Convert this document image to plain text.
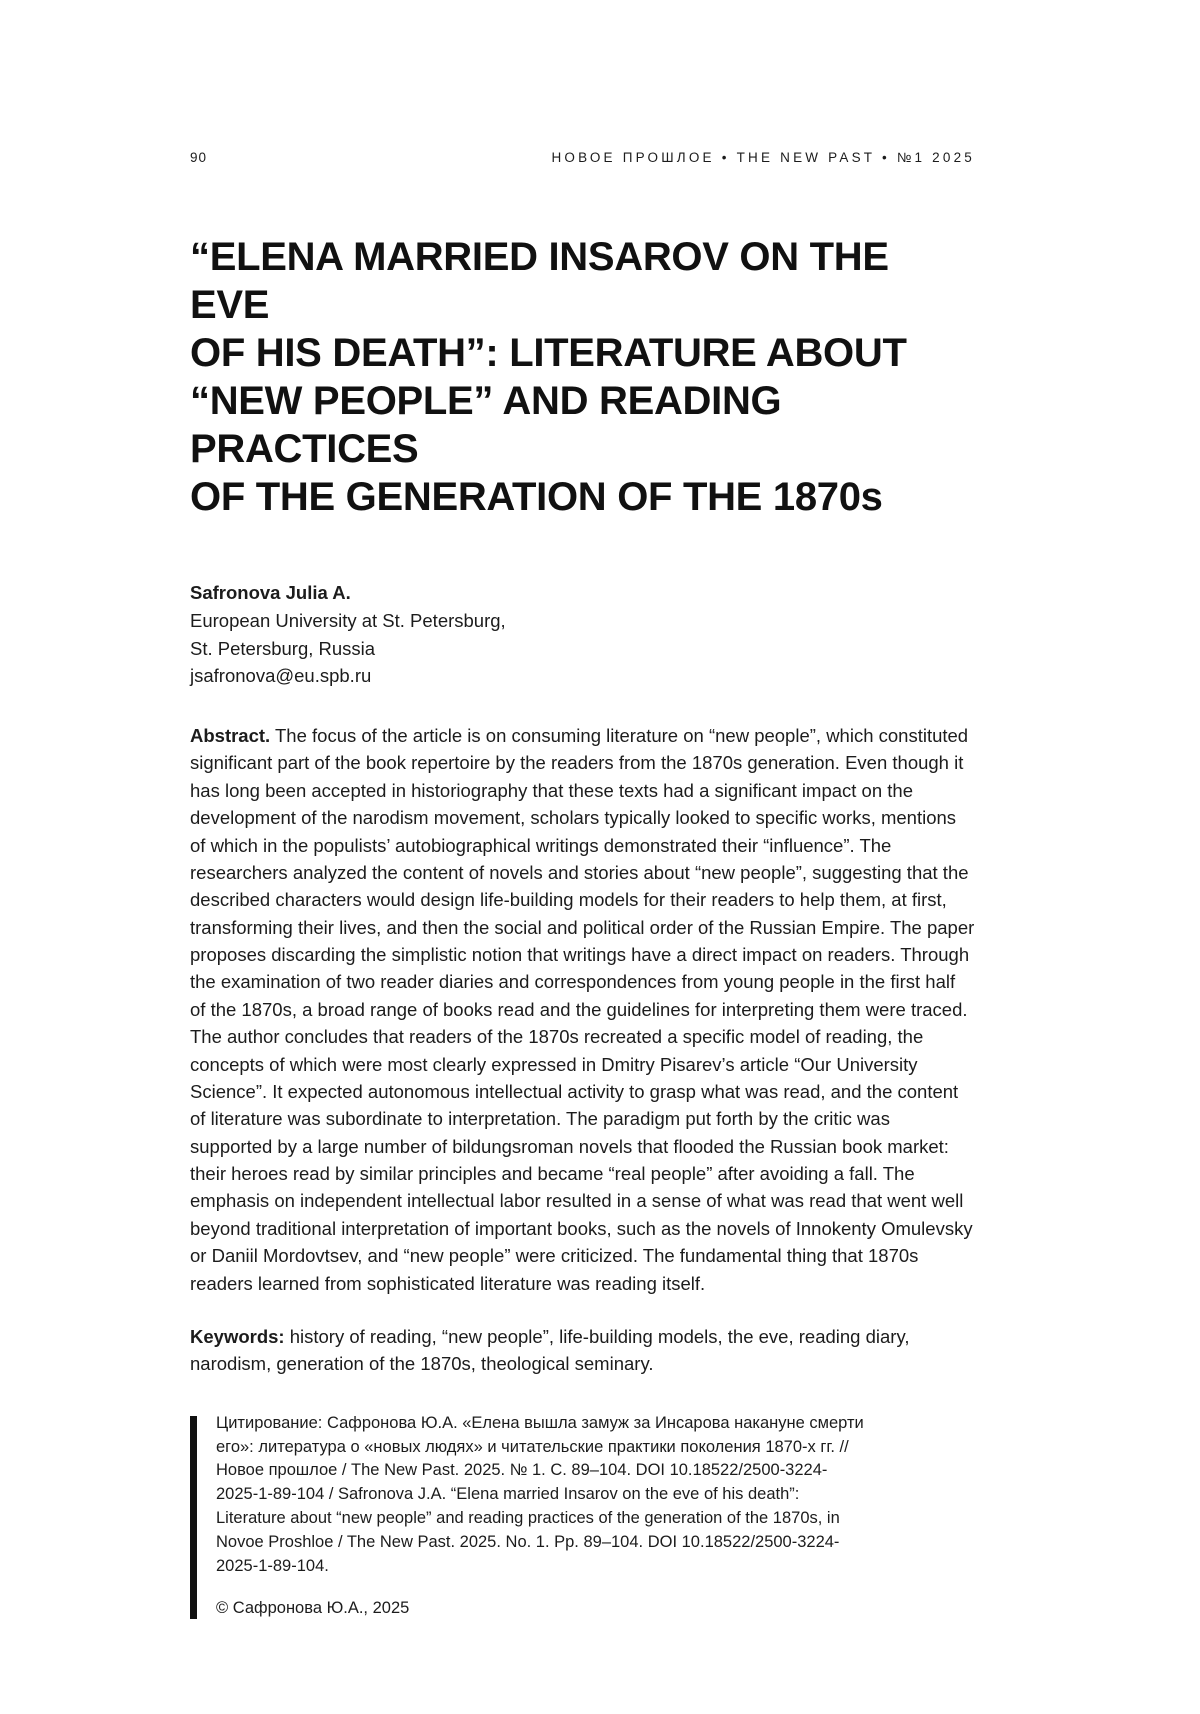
90	НОВОЕ ПРОШЛОЕ • THE NEW PAST • №1 2025
“ELENA MARRIED INSAROV ON THE EVE
OF HIS DEATH”: LITERATURE ABOUT
“NEW PEOPLE” AND READING PRACTICES
OF THE GENERATION OF THE 1870s
Safronova Julia A.
European University at St. Petersburg,
St. Petersburg, Russia
jsafronova@eu.spb.ru

Abstract. The focus of the article is on consuming literature on “new people”, which constituted significant part of the book repertoire by the readers from the 1870s generation. Even though it has long been accepted in historiography that these texts had a significant impact on the development of the narodism movement, scholars typically looked to specific works, mentions of which in the populists’ autobiographical writings demonstrated their “influence”. The researchers analyzed the content of novels and stories about “new people”, suggesting that the described characters would design life-building models for their readers to help them, at first, transforming their lives, and then the social and political order of the Russian Empire. The paper proposes discarding the simplistic notion that writings have a direct impact on readers. Through the examination of two reader diaries and correspondences from young people in the first half of the 1870s, a broad range of books read and the guidelines for interpreting them were traced. The author concludes that readers of the 1870s recreated a specific model of reading, the concepts of which were most clearly expressed in Dmitry Pisarev’s article “Our University Science”. It expected autonomous intellectual activity to grasp what was read, and the content of literature was subordinate to interpretation. The paradigm put forth by the critic was supported by a large number of bildungsroman novels that flooded the Russian book market: their heroes read by similar principles and became “real people” after avoiding a fall. The emphasis on independent intellectual labor resulted in a sense of what was read that went well beyond traditional interpretation of important books, such as the novels of Innokenty Omulevsky or Daniil Mordovtsev, and “new people” were criticized. The fundamental thing that 1870s readers learned from sophisticated literature was reading itself.

Keywords: history of reading, “new people”, life-building models, the eve, reading diary, narodism, generation of the 1870s, theological seminary.

Цитирование: Сафронова Ю.А. «Елена вышла замуж за Инсарова накануне смерти его»: литература о «новых людях» и читательские практики поколения 1870-х гг. // Новое прошлое / The New Past. 2025. № 1. C. 89–104. DOI 10.18522/2500-3224-2025-1-89-104 / Safronova J.A. “Elena married Insarov on the eve of his death”: Literature about “new people” and reading practices of the generation of the 1870s, in Novoe Proshloe / The New Past. 2025. No. 1. Pp. 89–104. DOI 10.18522/2500-3224-2025-1-89-104.

© Сафронова Ю.А., 2025
